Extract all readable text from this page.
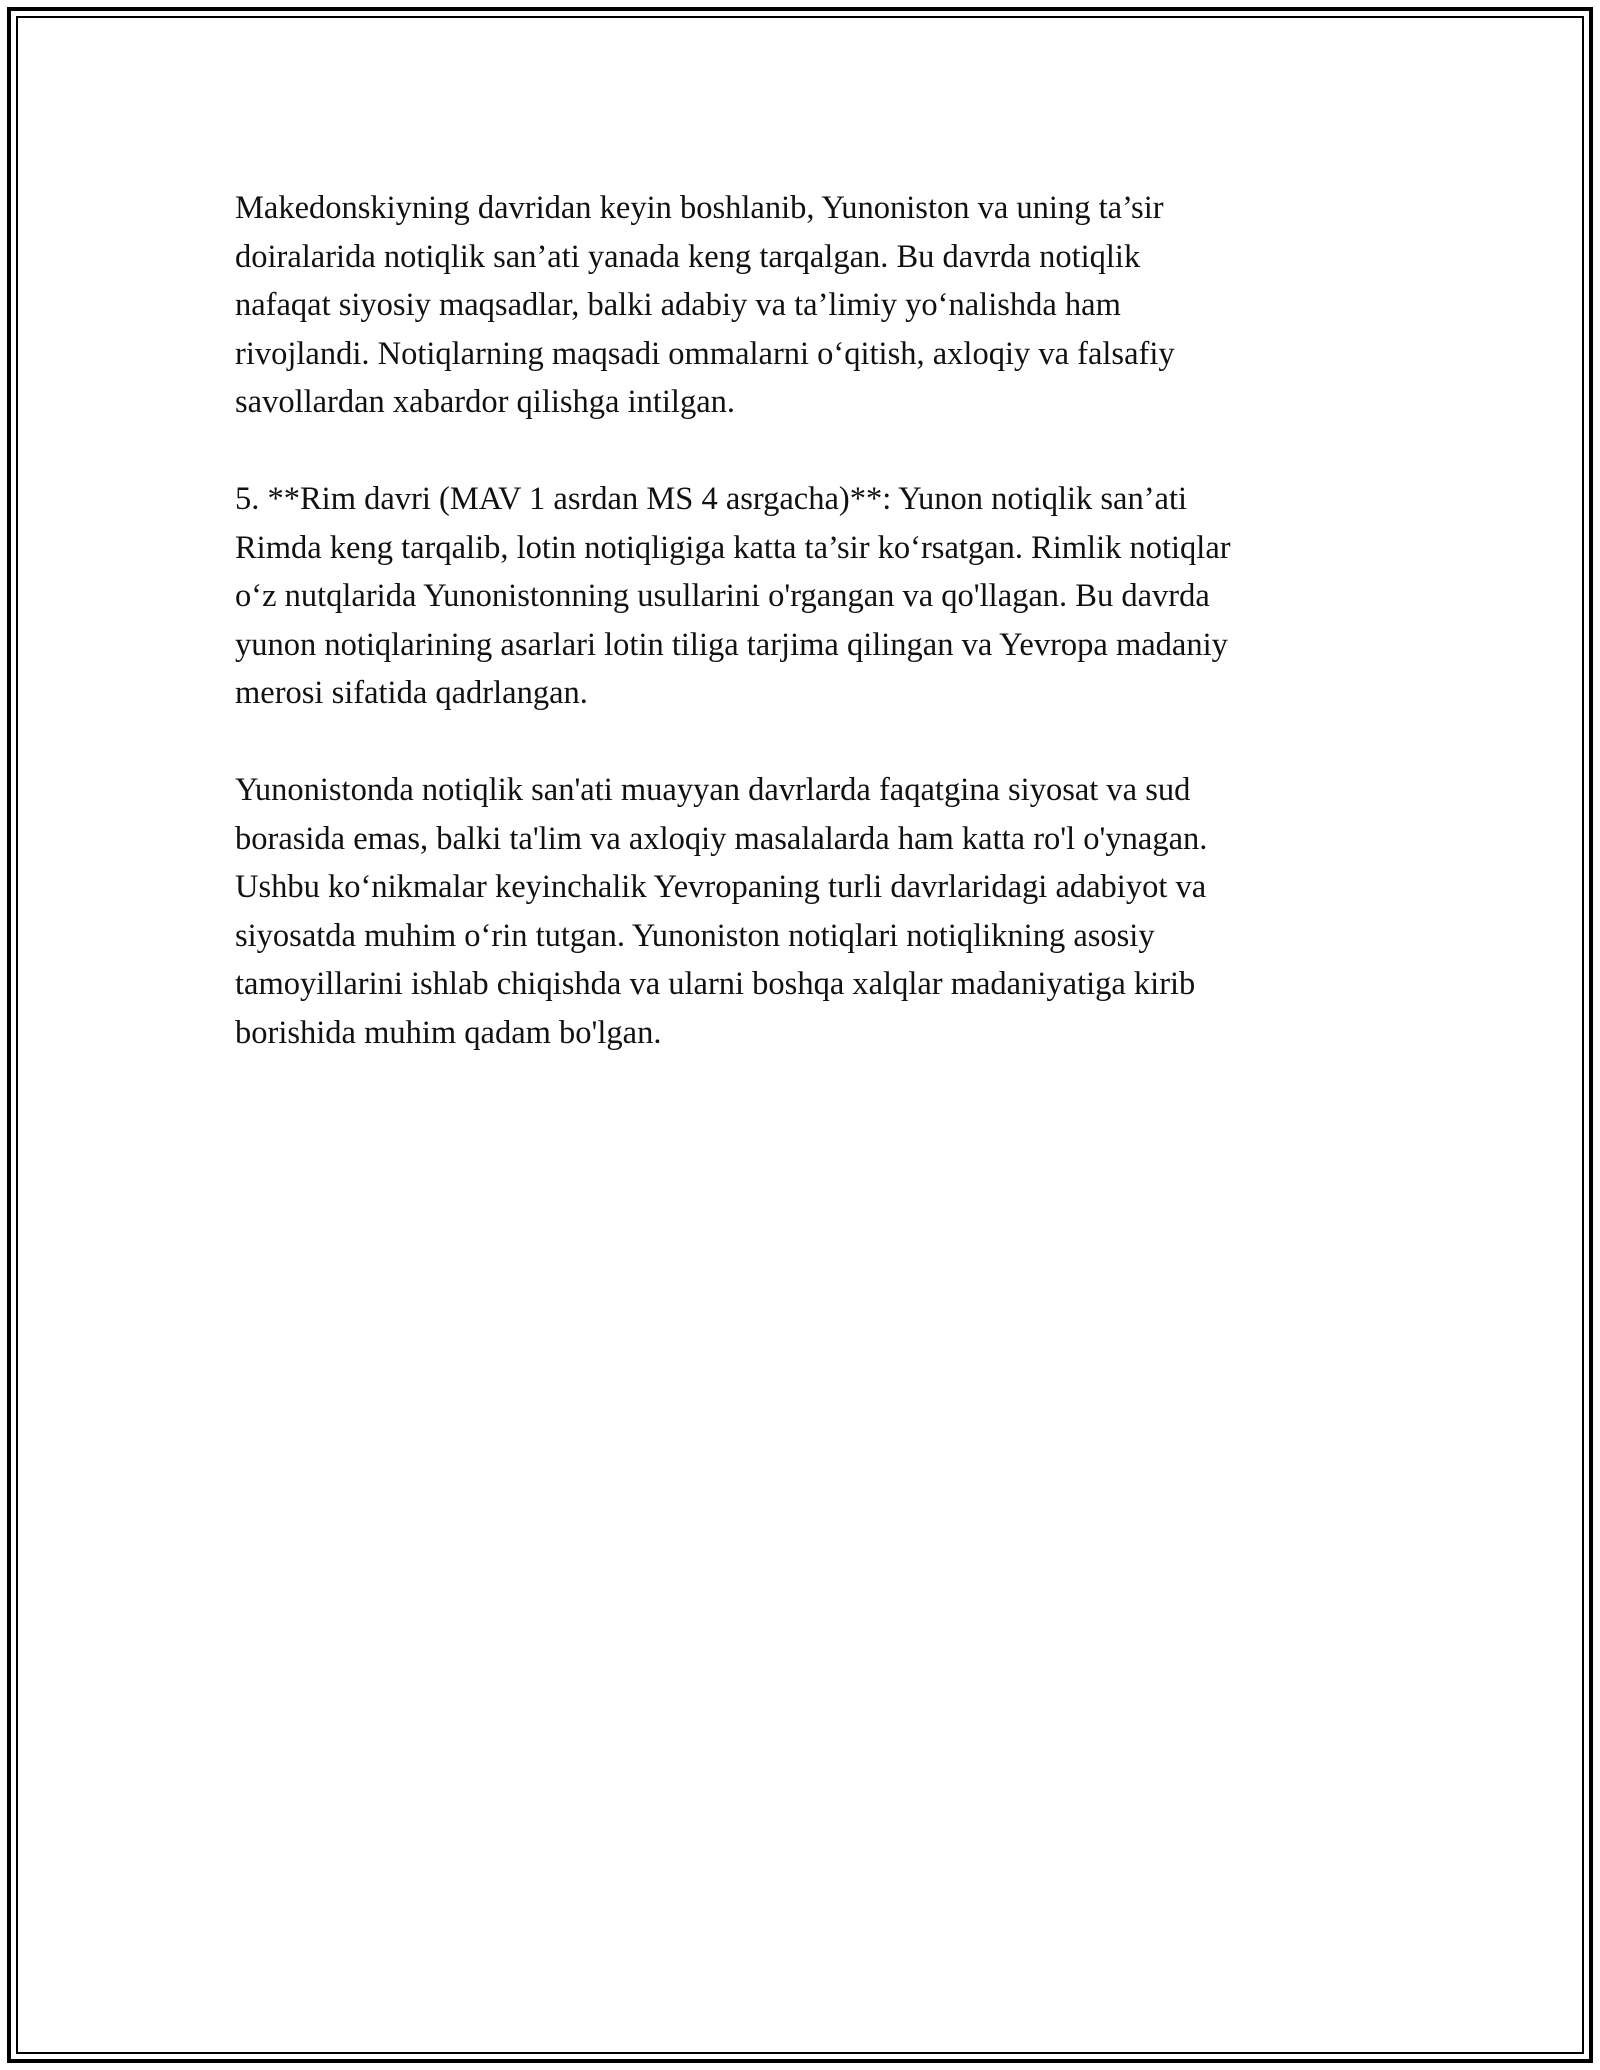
Makedonskiyning davridan keyin boshlanib, Yunoniston va uning ta’sir
doiralarida notiqlik san’ati yanada keng tarqalgan. Bu davrda notiqlik
nafaqat siyosiy maqsadlar, balki adabiy va ta’limiy yo‘nalishda ham
rivojlandi. Notiqlarning maqsadi ommalarni o‘qitish, axloqiy va falsafiy
savollardan xabardor qilishga intilgan.

5. **Rim davri (MAV 1 asrdan MS 4 asrgacha)**: Yunon notiqlik san’ati
Rimda keng tarqalib, lotin notiqligiga katta ta’sir ko‘rsatgan. Rimlik notiqlar
o‘z nutqlarida Yunonistonning usullarini o'rgangan va qo'llagan. Bu davrda
yunon notiqlarining asarlari lotin tiliga tarjima qilingan va Yevropa madaniy
merosi sifatida qadrlangan.

Yunonistonda notiqlik san'ati muayyan davrlarda faqatgina siyosat va sud
borasida emas, balki ta'lim va axloqiy masalalarda ham katta ro'l o'ynagan.
Ushbu ko‘nikmalar keyinchalik Yevropaning turli davrlaridagi adabiyot va
siyosatda muhim o‘rin tutgan. Yunoniston notiqlari notiqlikning asosiy
tamoyillarini ishlab chiqishda va ularni boshqa xalqlar madaniyatiga kirib
borishida muhim qadam bo'lgan.
